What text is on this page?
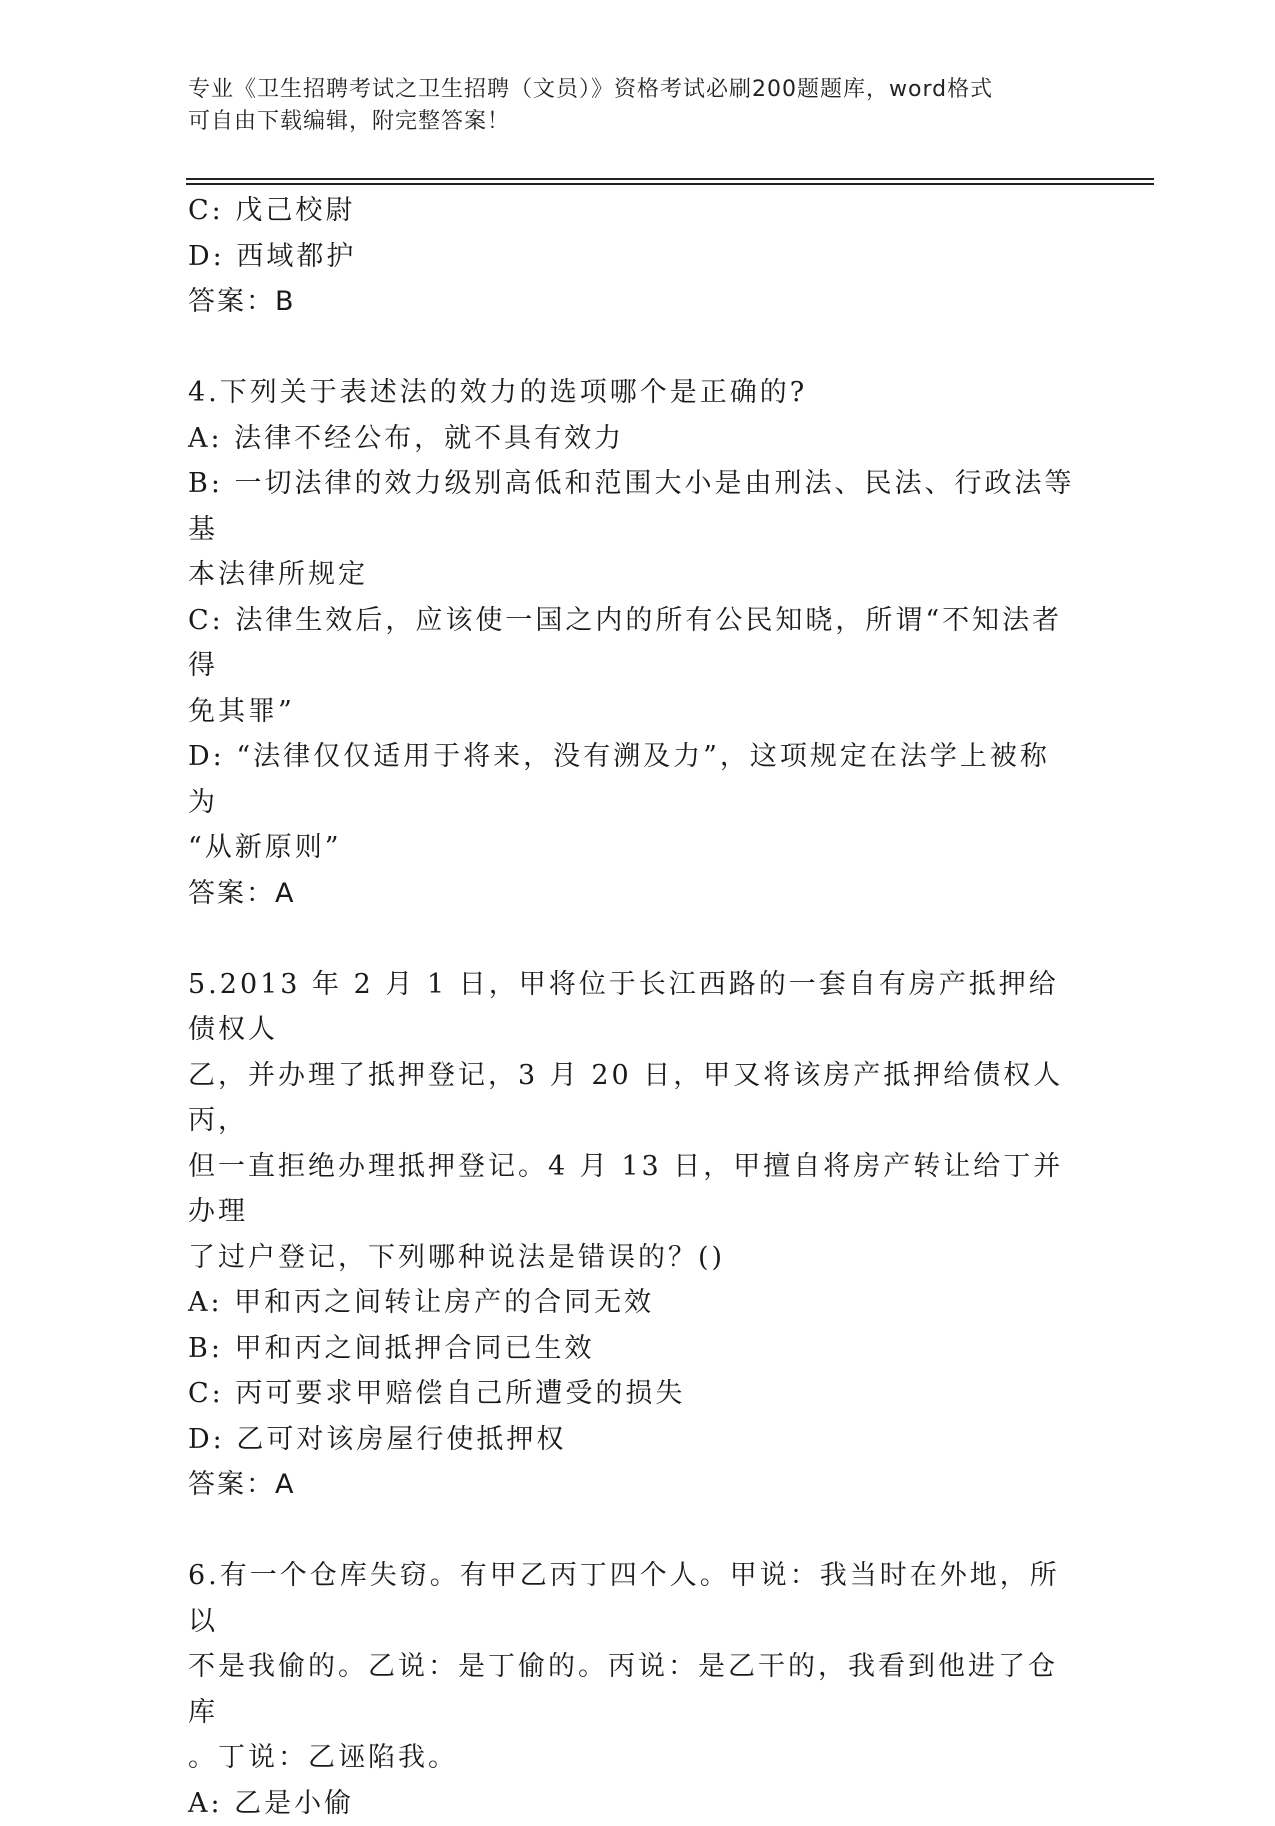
专业《卫生招聘考试之卫生招聘（文员）》资格考试必刷200题题库，word格式
可自由下载编辑，附完整答案！
C: 戊己校尉
D: 西域都护
答案：B
4.下列关于表述法的效力的选项哪个是正确的?
A: 法律不经公布，就不具有效力
B: 一切法律的效力级别高低和范围大小是由刑法、民法、行政法等基
本法律所规定
C: 法律生效后，应该使一国之内的所有公民知晓，所谓“不知法者得
免其罪”
D: “法律仅仅适用于将来，没有溯及力”，这项规定在法学上被称为
“从新原则”
答案：A
5.2013 年 2 月 1 日，甲将位于长江西路的一套自有房产抵押给债权人
乙，并办理了抵押登记，3 月 20 日，甲又将该房产抵押给债权人丙，
但一直拒绝办理抵押登记。4 月 13 日，甲擅自将房产转让给丁并办理
了过户登记，下列哪种说法是错误的？()
A: 甲和丙之间转让房产的合同无效
B: 甲和丙之间抵押合同已生效
C: 丙可要求甲赔偿自己所遭受的损失
D: 乙可对该房屋行使抵押权
答案：A
6.有一个仓库失窃。有甲乙丙丁四个人。甲说：我当时在外地，所以
不是我偷的。乙说：是丁偷的。丙说：是乙干的，我看到他进了仓库
。丁说：乙诬陷我。
A: 乙是小偷
